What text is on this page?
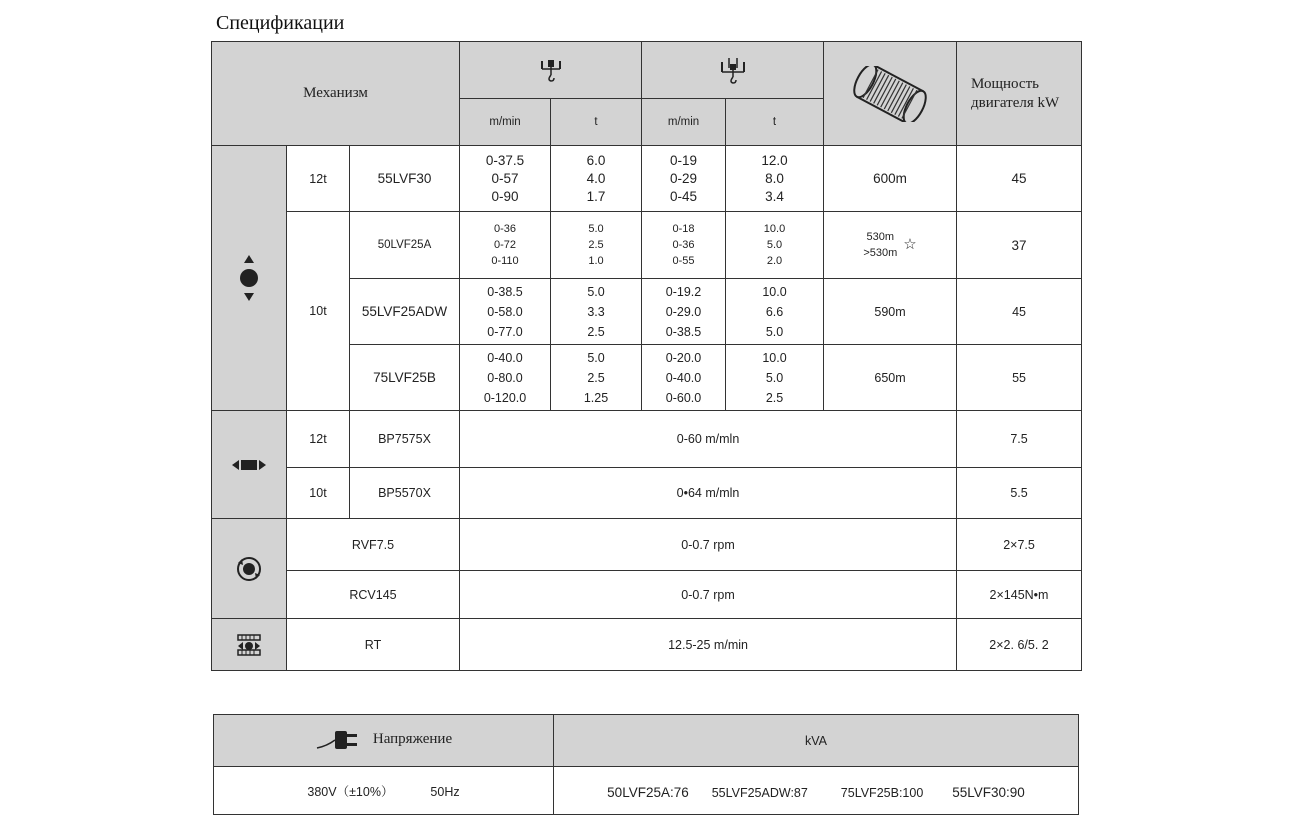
Спецификации
Механизм								Мощность двигателя kW
			m/min	t	m/min	t		

	12t	55LVF30	0-37.5
0-57
0-90	6.0
4.0
1.7	0-19
0-29
0-45	12.0
8.0
3.4	600m	45
	10t	50LVF25A	0-36
0-72
0-110	5.0
2.5
1.0	0-18
0-36
0-55	10.0
5.0
2.0	530m
>530m ☆	37
		55LVF25ADW	0-38.5
0-58.0
0-77.0	5.0
3.3
2.5	0-19.2
0-29.0
0-38.5	10.0
6.6
5.0	590m	45
		75LVF25B	0-40.0
0-80.0
0-120.0	5.0
2.5
1.25	0-20.0
0-40.0
0-60.0	10.0
5.0
2.5	650m	55

	12t	BP7575X	0-60 m/mln					7.5
	10t	BP5570X	0•64 m/mln					5.5

	RVF7.5		0-0.7 rpm					2×7.5
	RCV145		0-0.7 rpm					2×145N•m

	RT		12.5-25 m/min					2×2. 6/5. 2
Напряжение	kVA
380V（±10%） 50Hz	50LVF25A:76 55LVF25ADW:87 75LVF25B:100 55LVF30:90
